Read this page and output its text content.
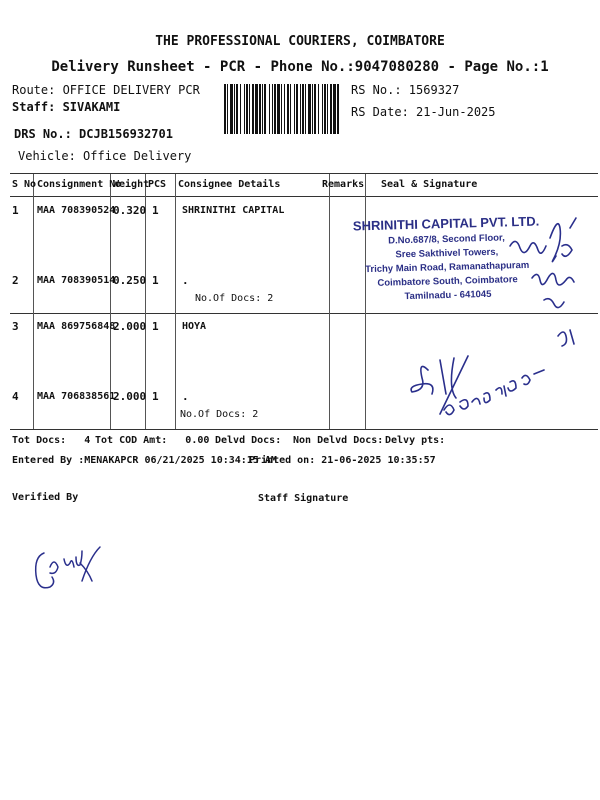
THE PROFESSIONAL COURIERS, COIMBATORE
Delivery Runsheet - PCR - Phone No.:9047080280 - Page No.:1
Route: OFFICE DELIVERY PCR
Staff: SIVAKAMI
DRS No.: DCJB156932701
Vehicle: Office Delivery
RS No.: 1569327
RS Date: 21-Jun-2025
S No Consignment No
Weight
PCS Consignee Details	Remarks Seal & Signature
1 MAA 708390524
0.320 1 SHRINITHI CAPITAL
2 MAA 708390514
0.250 1 .
No.Of Docs: 2
3 MAA 869756848
2.000 1 HOYA
4 MAA 706838561
2.000 1 .
No.Of Docs: 2
SHRINITHI CAPITAL PVT. LTD.
D.No.687/8, Second Floor,
Sree Sakthivel Towers,
Trichy Main Road, Ramanathapuram
Coimbatore South, Coimbatore
Tamilnadu - 641045
Tot Docs:   4 Tot COD Amt:   0.00 Delvd Docs: Non Delvd Docs: Delvy pts:
Entered By :MENAKAPCR 06/21/2025 10:34:15 AM
Printed on: 21-06-2025 10:35:57
Verified By	Staff Signature
